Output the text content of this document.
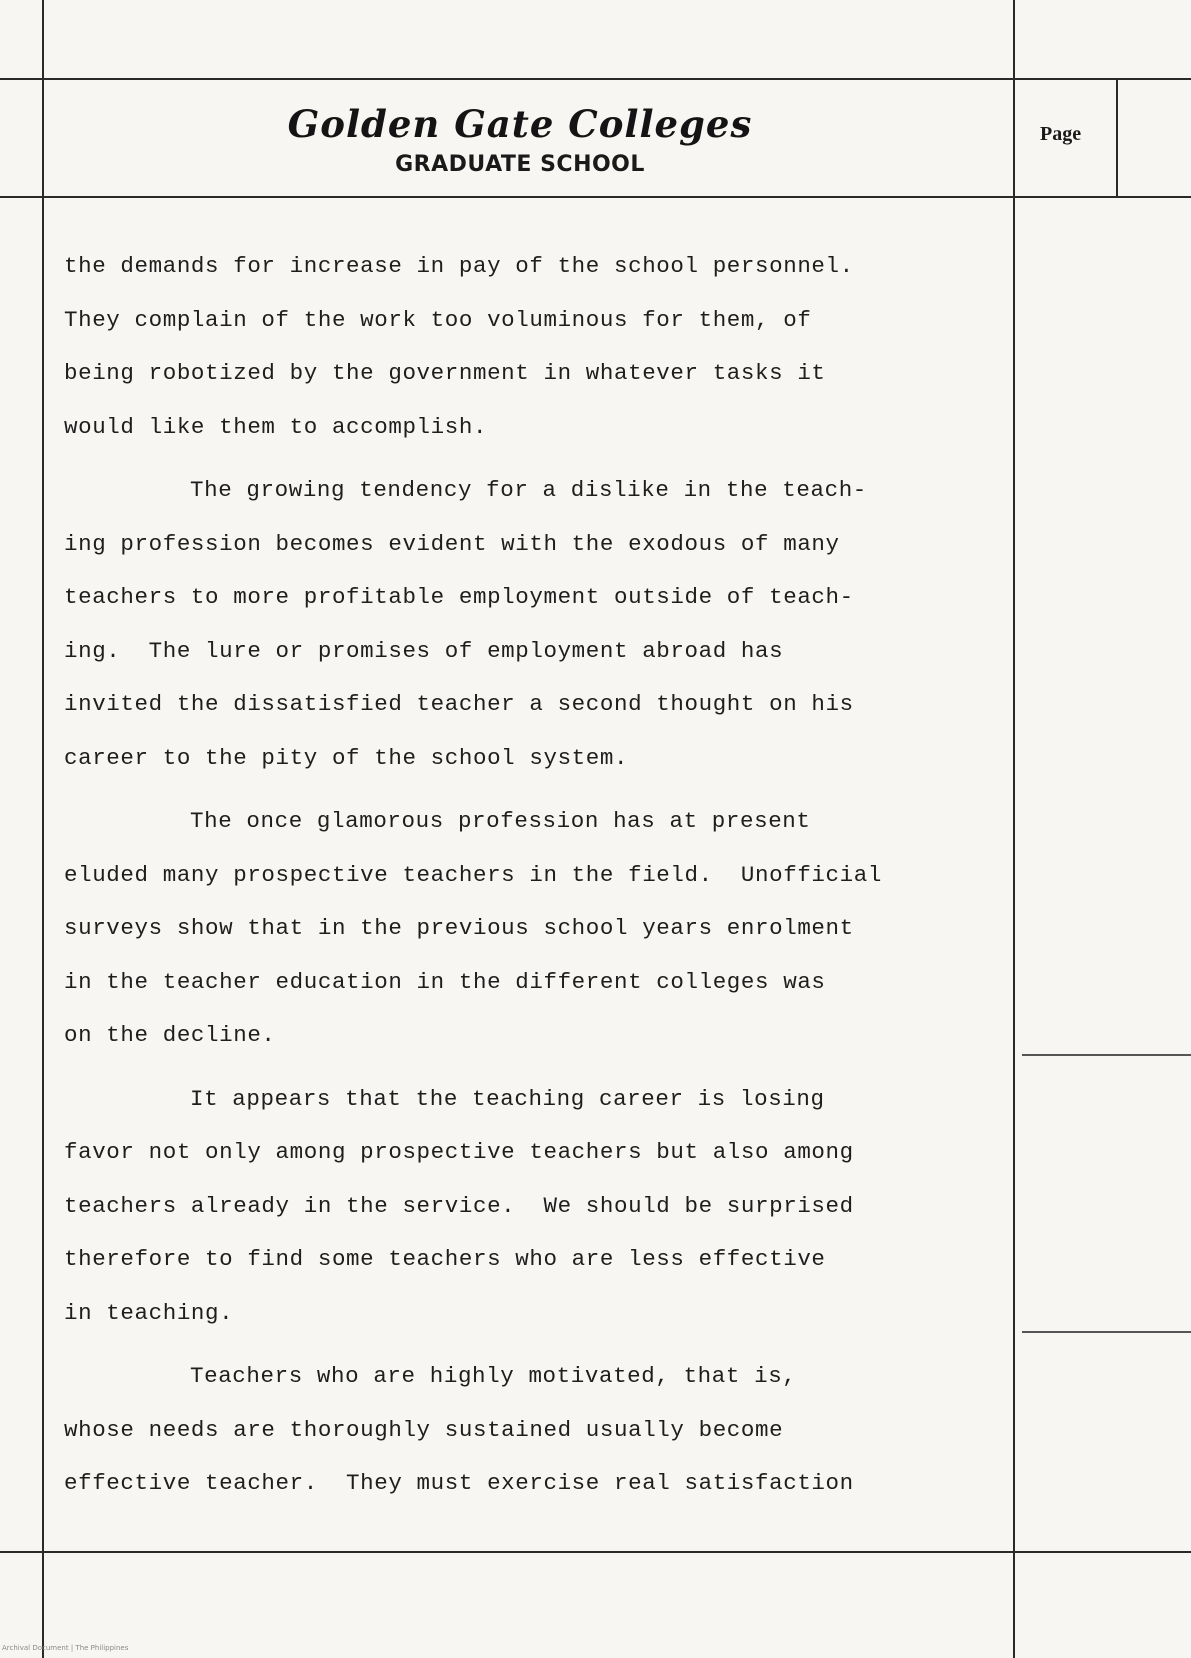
Golden Gate Colleges
GRADUATE SCHOOL
Page
the demands for increase in pay of the school personnel.
They complain of the work too voluminous for them, of
being robotized by the government in whatever tasks it
would like them to accomplish.
The growing tendency for a dislike in the teach-
ing profession becomes evident with the exodous of many
teachers to more profitable employment outside of teach-
ing.  The lure or promises of employment abroad has
invited the dissatisfied teacher a second thought on his
career to the pity of the school system.
The once glamorous profession has at present
eluded many prospective teachers in the field.  Unofficial
surveys show that in the previous school years enrolment
in the teacher education in the different colleges was
on the decline.
It appears that the teaching career is losing
favor not only among prospective teachers but also among
teachers already in the service.  We should be surprised
therefore to find some teachers who are less effective
in teaching.
Teachers who are highly motivated, that is,
whose needs are thoroughly sustained usually become
effective teacher.  They must exercise real satisfaction
Archival Document | The Philippines
